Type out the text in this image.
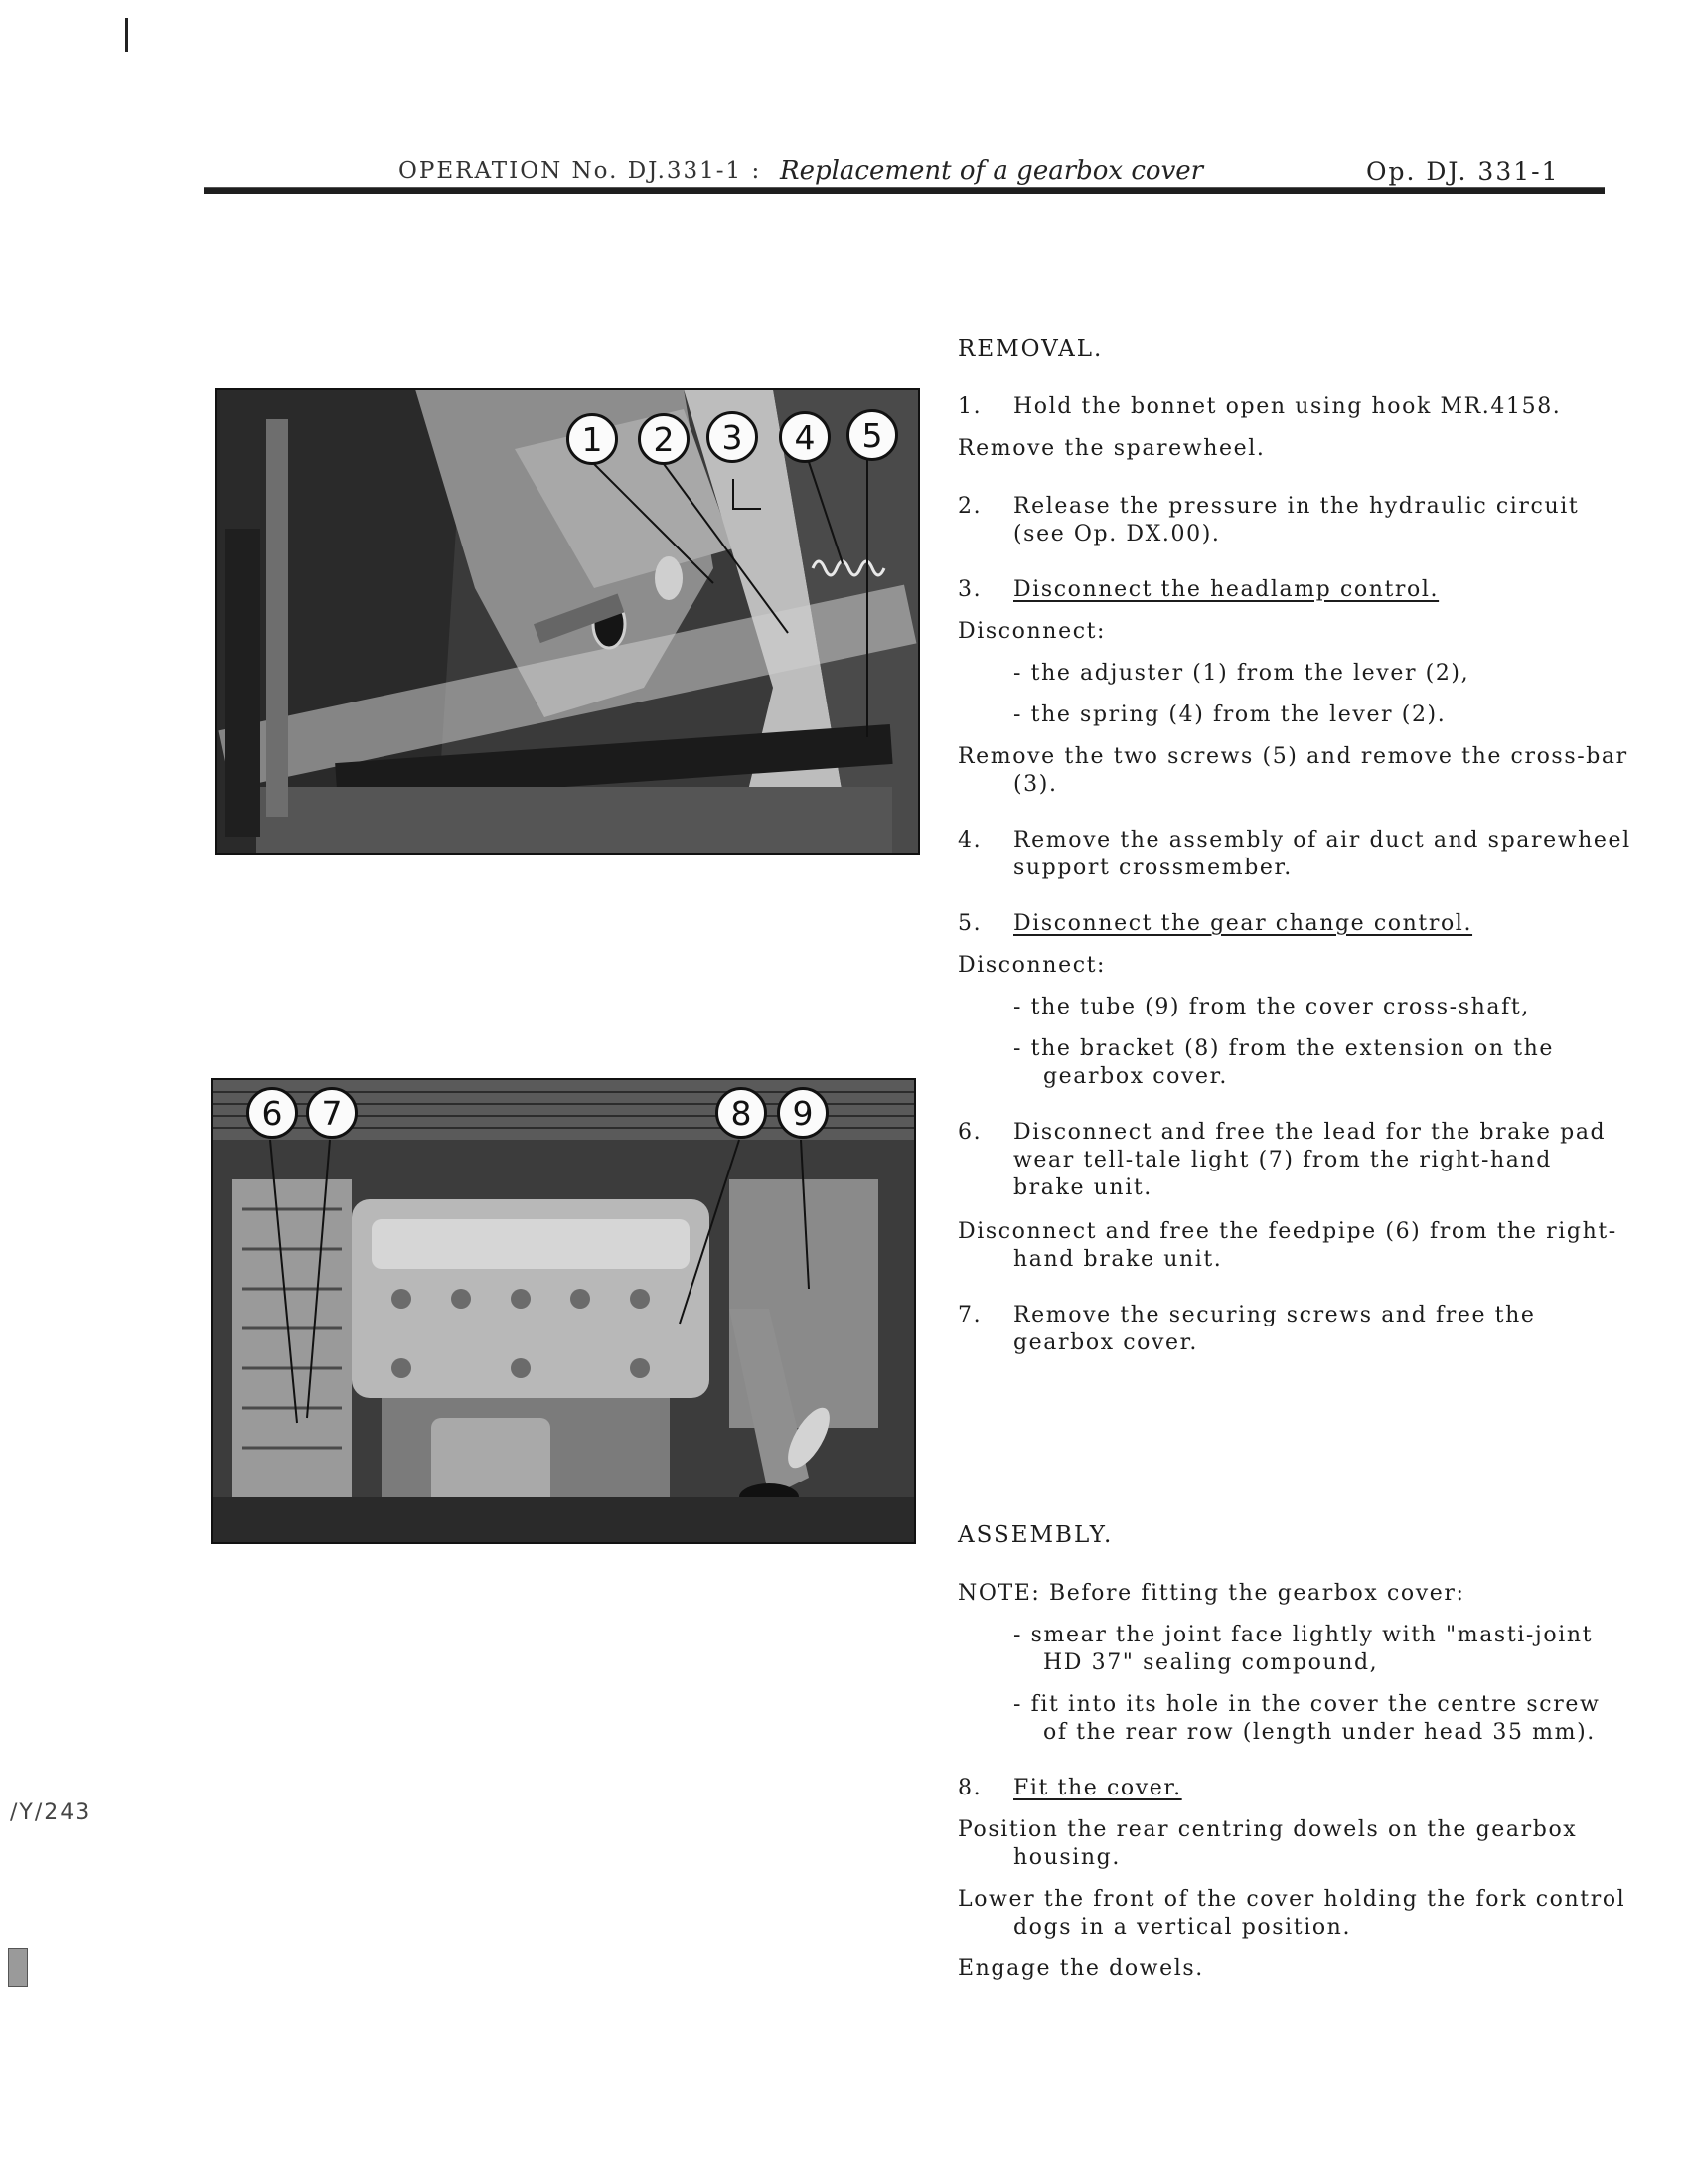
OPERATION No. DJ.331-1 : Replacement of a gearbox cover	Op. DJ. 331-1
1	2	3	4	5
6	7	8	9
/Y/243
REMOVAL.
1. Hold the bonnet open using hook MR.4158.
Remove the sparewheel.
2. Release the pressure in the hydraulic circuit
(see Op. DX.00).
3. Disconnect the headlamp control.
Disconnect:
- the adjuster (1) from the lever (2),
- the spring (4) from the lever (2).
Remove the two screws (5) and remove the cross-bar
(3).
4. Remove the assembly of air duct and sparewheel
support crossmember.
5. Disconnect the gear change control.
Disconnect:
- the tube (9) from the cover cross-shaft,
- the bracket (8) from the extension on the
gearbox cover.
6. Disconnect and free the lead for the brake pad
wear tell-tale light (7) from the right-hand
brake unit.
Disconnect and free the feedpipe (6) from the right-
hand brake unit.
7. Remove the securing screws and free the
gearbox cover.
ASSEMBLY.
NOTE: Before fitting the gearbox cover:
- smear the joint face lightly with "masti-joint
HD 37" sealing compound,
- fit into its hole in the cover the centre screw
of the rear row (length under head 35 mm).
8. Fit the cover.
Position the rear centring dowels on the gearbox
housing.
Lower the front of the cover holding the fork control
dogs in a vertical position.
Engage the dowels.
